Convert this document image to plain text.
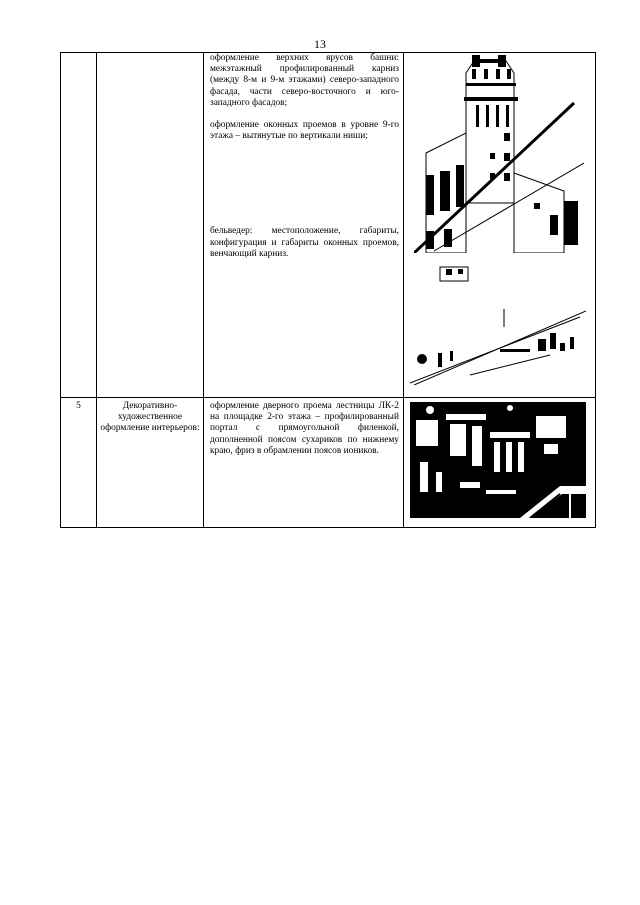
13

		оформление верхних ярусов башни: межэтажный профилированный карниз (между 8-м и 9-м этажами) северо-западного фасада, части северо-восточного и юго-западного фасадов;

оформление оконных проемов в уровне 9-го этажа – вытянутые по вертикали ниши;

бельведер: местоположение, габариты, конфигурация и габариты оконных проемов, венчающий карниз.

5	Декоративно-художественное оформление интерьеров:	оформление дверного проема лестницы ЛК-2 на площадке 2-го этажа – профилированный портал с прямоугольной филенкой, дополненной поясом сухариков по нижнему краю, фриз в обрамлении поясов иоников.
